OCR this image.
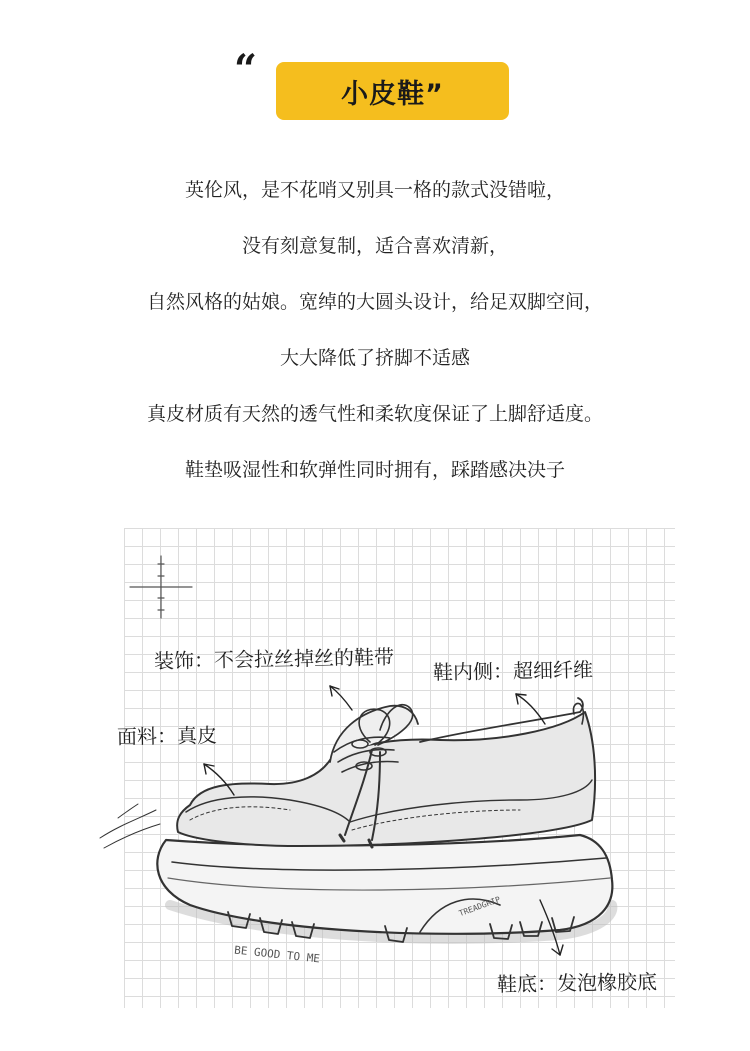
“
小皮鞋”

英伦风，是不花哨又别具一格的款式没错啦，

没有刻意复制，适合喜欢清新，

自然风格的姑娘。宽绰的大圆头设计，给足双脚空间，

大大降低了挤脚不适感

真皮材质有天然的透气性和柔软度保证了上脚舒适度。

鞋垫吸湿性和软弹性同时拥有，踩踏感决决子

装饰：不会拉丝掉丝的鞋带 鞋内侧：超细纤维
面料：真皮
鞋底：发泡橡胶底
BE GOOD TO ME
TREADGRIP
